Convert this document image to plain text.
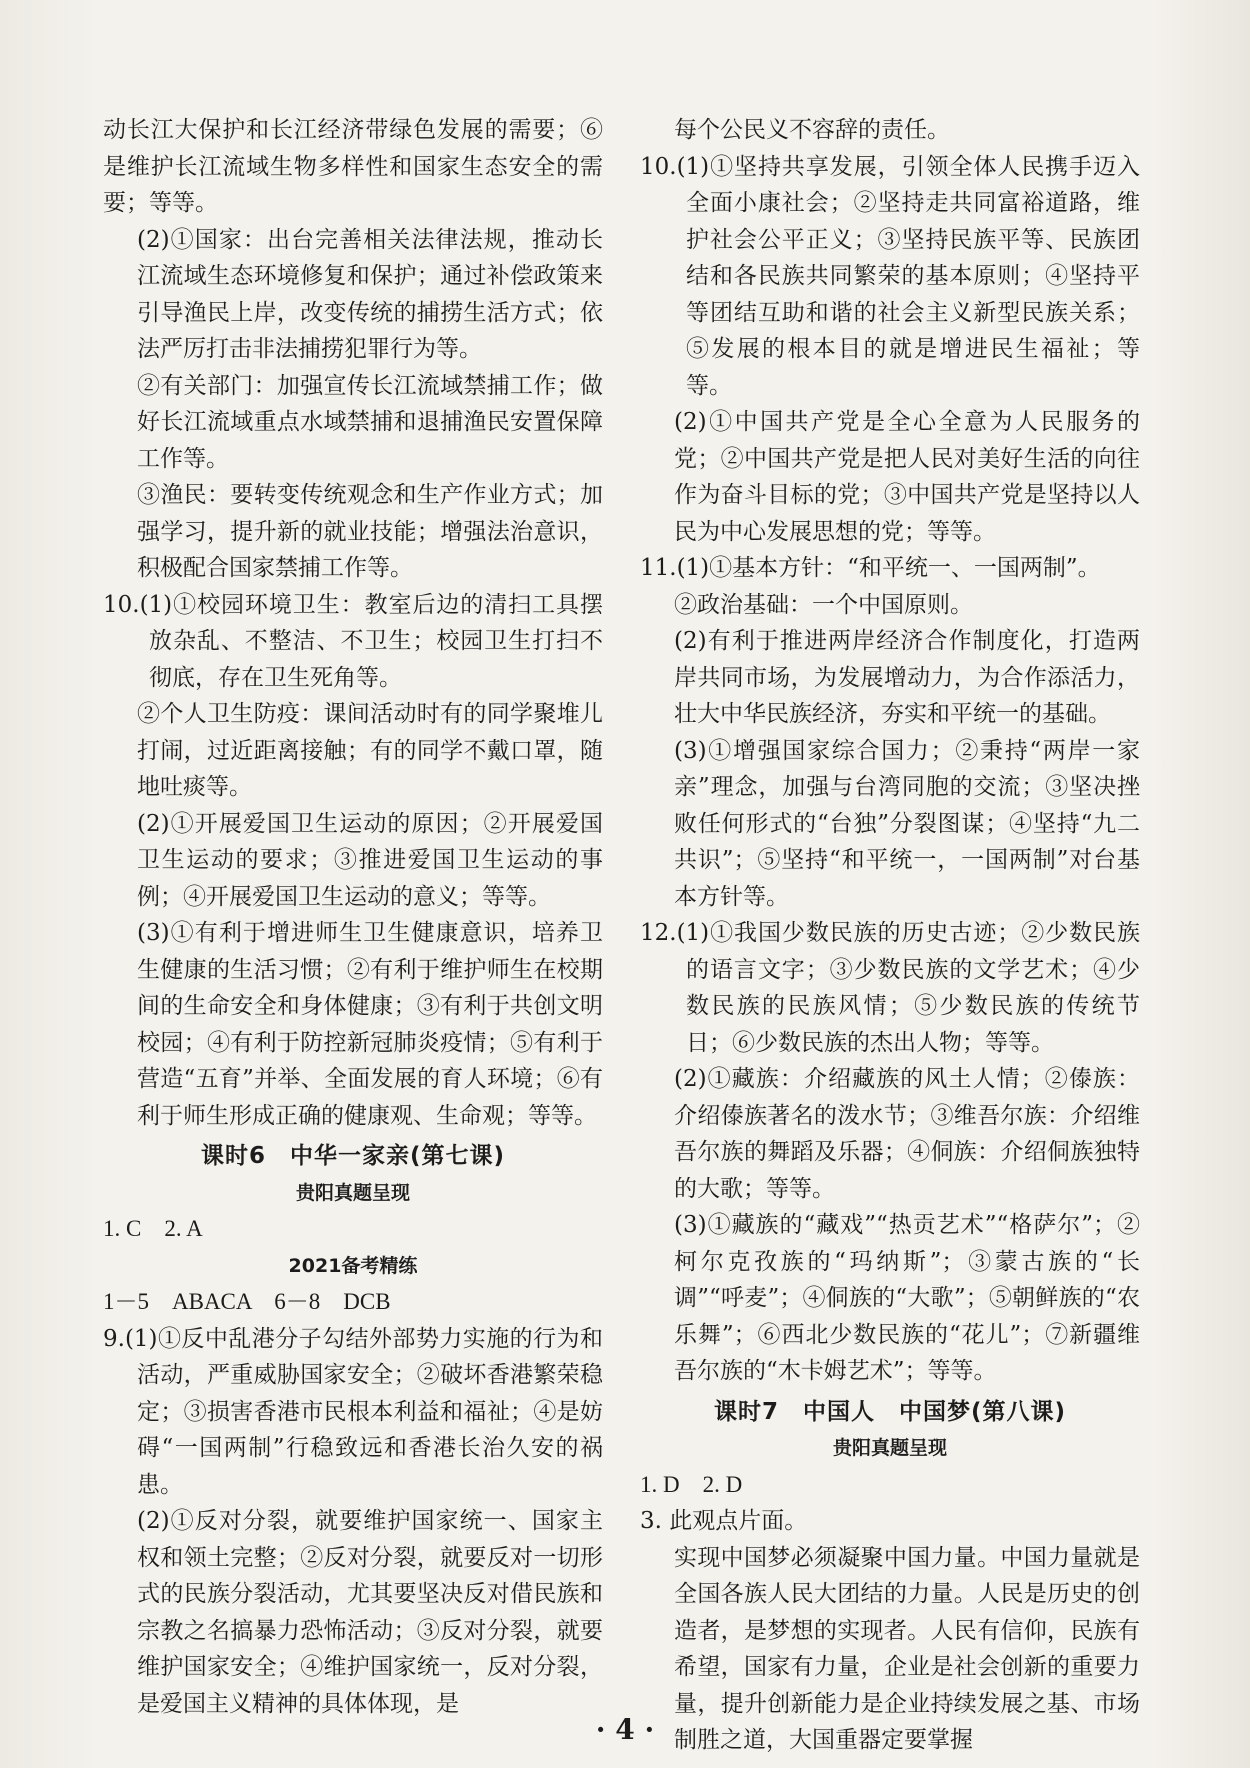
动长江大保护和长江经济带绿色发展的需要；⑥是维护长江流域生物多样性和国家生态安全的需要；等等。

(2)①国家：出台完善相关法律法规，推动长江流域生态环境修复和保护；通过补偿政策来引导渔民上岸，改变传统的捕捞生活方式；依法严厉打击非法捕捞犯罪行为等。

②有关部门：加强宣传长江流域禁捕工作；做好长江流域重点水域禁捕和退捕渔民安置保障工作等。

③渔民：要转变传统观念和生产作业方式；加强学习，提升新的就业技能；增强法治意识，积极配合国家禁捕工作等。

10.(1)①校园环境卫生：教室后边的清扫工具摆放杂乱、不整洁、不卫生；校园卫生打扫不彻底，存在卫生死角等。

②个人卫生防疫：课间活动时有的同学聚堆儿打闹，过近距离接触；有的同学不戴口罩，随地吐痰等。

(2)①开展爱国卫生运动的原因；②开展爱国卫生运动的要求；③推进爱国卫生运动的事例；④开展爱国卫生运动的意义；等等。

(3)①有利于增进师生卫生健康意识，培养卫生健康的生活习惯；②有利于维护师生在校期间的生命安全和身体健康；③有利于共创文明校园；④有利于防控新冠肺炎疫情；⑤有利于营造“五育”并举、全面发展的育人环境；⑥有利于师生形成正确的健康观、生命观；等等。

课时6　中华一家亲(第七课)

贵阳真题呈现

1. C　2. A

2021备考精练

1－5　ABACA　6－8　DCB

9.(1)①反中乱港分子勾结外部势力实施的行为和活动，严重威胁国家安全；②破坏香港繁荣稳定；③损害香港市民根本利益和福祉；④是妨碍“一国两制”行稳致远和香港长治久安的祸患。

(2)①反对分裂，就要维护国家统一、国家主权和领土完整；②反对分裂，就要反对一切形式的民族分裂活动，尤其要坚决反对借民族和宗教之名搞暴力恐怖活动；③反对分裂，就要维护国家安全；④维护国家统一，反对分裂，是爱国主义精神的具体体现，是

每个公民义不容辞的责任。

10.(1)①坚持共享发展，引领全体人民携手迈入全面小康社会；②坚持走共同富裕道路，维护社会公平正义；③坚持民族平等、民族团结和各民族共同繁荣的基本原则；④坚持平等团结互助和谐的社会主义新型民族关系；⑤发展的根本目的就是增进民生福祉；等等。

(2)①中国共产党是全心全意为人民服务的党；②中国共产党是把人民对美好生活的向往作为奋斗目标的党；③中国共产党是坚持以人民为中心发展思想的党；等等。

11.(1)①基本方针：“和平统一、一国两制”。

②政治基础：一个中国原则。

(2)有利于推进两岸经济合作制度化，打造两岸共同市场，为发展增动力，为合作添活力，壮大中华民族经济，夯实和平统一的基础。

(3)①增强国家综合国力；②秉持“两岸一家亲”理念，加强与台湾同胞的交流；③坚决挫败任何形式的“台独”分裂图谋；④坚持“九二共识”；⑤坚持“和平统一，一国两制”对台基本方针等。

12.(1)①我国少数民族的历史古迹；②少数民族的语言文字；③少数民族的文学艺术；④少数民族的民族风情；⑤少数民族的传统节日；⑥少数民族的杰出人物；等等。

(2)①藏族：介绍藏族的风土人情；②傣族：介绍傣族著名的泼水节；③维吾尔族：介绍维吾尔族的舞蹈及乐器；④侗族：介绍侗族独特的大歌；等等。

(3)①藏族的“藏戏”“热贡艺术”“格萨尔”；②柯尔克孜族的“玛纳斯”；③蒙古族的“长调”“呼麦”；④侗族的“大歌”；⑤朝鲜族的“农乐舞”；⑥西北少数民族的“花儿”；⑦新疆维吾尔族的“木卡姆艺术”；等等。

课时7　中国人　中国梦(第八课)

贵阳真题呈现

1. D　2. D

3. 此观点片面。

实现中国梦必须凝聚中国力量。中国力量就是全国各族人民大团结的力量。人民是历史的创造者，是梦想的实现者。人民有信仰，民族有希望，国家有力量，企业是社会创新的重要力量，提升创新能力是企业持续发展之基、市场制胜之道，大国重器定要掌握

· 4 ·
